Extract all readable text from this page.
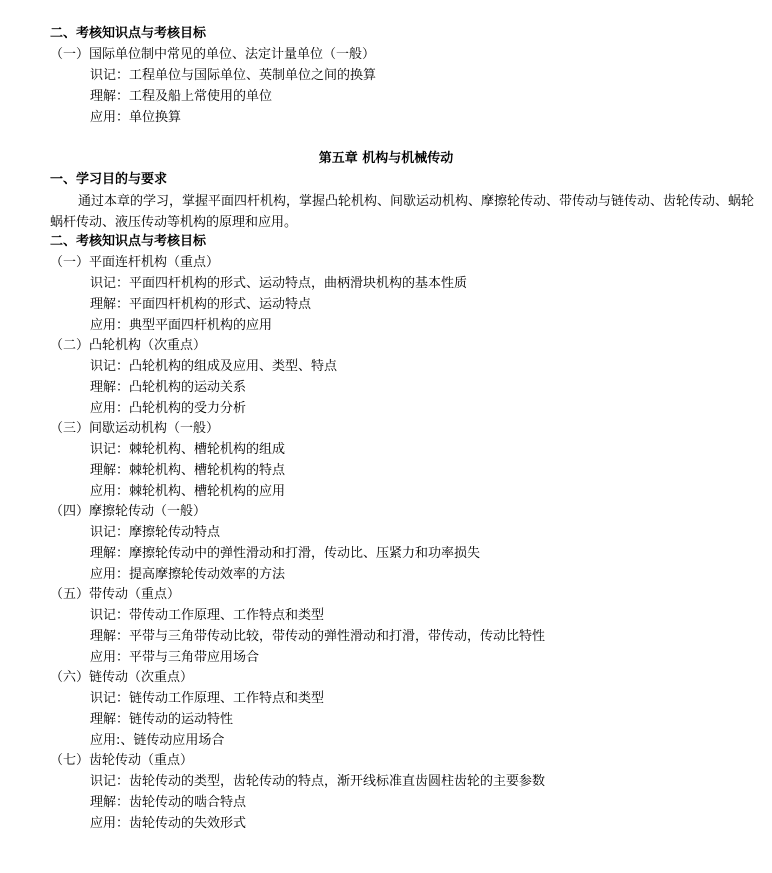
二、考核知识点与考核目标
（一）国际单位制中常见的单位、法定计量单位（一般）
识记：工程单位与国际单位、英制单位之间的换算
理解：工程及船上常使用的单位
应用：单位换算
第五章 机构与机械传动
一、学习目的与要求
通过本章的学习，掌握平面四杆机构，掌握凸轮机构、间歇运动机构、摩擦轮传动、带传动与链传动、齿轮传动、蜗轮蜗杆传动、液压传动等机构的原理和应用。
二、考核知识点与考核目标
（一）平面连杆机构（重点）
识记：平面四杆机构的形式、运动特点，曲柄滑块机构的基本性质
理解：平面四杆机构的形式、运动特点
应用：典型平面四杆机构的应用
（二）凸轮机构（次重点）
识记：凸轮机构的组成及应用、类型、特点
理解：凸轮机构的运动关系
应用：凸轮机构的受力分析
（三）间歇运动机构（一般）
识记：棘轮机构、槽轮机构的组成
理解：棘轮机构、槽轮机构的特点
应用：棘轮机构、槽轮机构的应用
（四）摩擦轮传动（一般）
识记：摩擦轮传动特点
理解：摩擦轮传动中的弹性滑动和打滑，传动比、压紧力和功率损失
应用：提高摩擦轮传动效率的方法
（五）带传动（重点）
识记：带传动工作原理、工作特点和类型
理解：平带与三角带传动比较，带传动的弹性滑动和打滑，带传动，传动比特性
应用：平带与三角带应用场合
（六）链传动（次重点）
识记：链传动工作原理、工作特点和类型
理解：链传动的运动特性
应用:、链传动应用场合
（七）齿轮传动（重点）
识记：齿轮传动的类型，齿轮传动的特点，渐开线标准直齿圆柱齿轮的主要参数
理解：齿轮传动的啮合特点
应用：齿轮传动的失效形式
